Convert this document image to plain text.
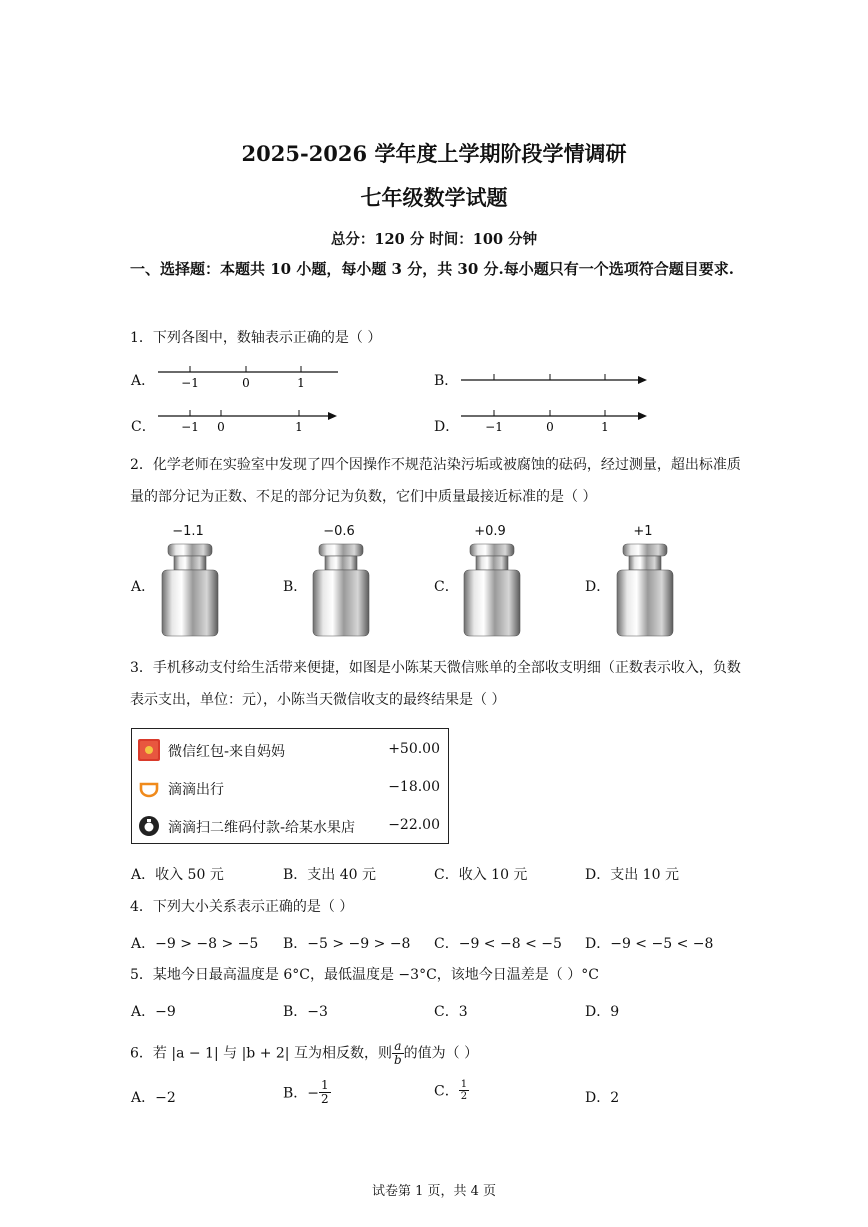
2025-2026 学年度上学期阶段学情调研
七年级数学试题
总分：120 分 时间：100 分钟
一、选择题：本题共 10 小题，每小题 3 分，共 30 分.每小题只有一个选项符合题目要求.
1．下列各图中，数轴表示正确的是（ ）
A． −1	0	1	B．
C． −1 0	1	D． −1	0	1
2．化学老师在实验室中发现了四个因操作不规范沾染污垢或被腐蚀的砝码，经过测量，超出标准质量的部分记为正数、不足的部分记为负数，它们中质量最接近标准的是（ ）
A．
−1.1
B．
−0.6
C．
+0.9
D．
+1
3．手机移动支付给生活带来便捷，如图是小陈某天微信账单的全部收支明细（正数表示收入，负数表示支出，单位：元），小陈当天微信收支的最终结果是（ ）
微信红包-来自妈妈	+50.00
滴滴出行	−18.00
滴滴扫二维码付款-给某水果店 −22.00
A．收入 50 元	B．支出 40 元	C．收入 10 元	D．支出 10 元
4．下列大小关系表示正确的是（ ）
A．−9 > −8 > −5 B．−5 > −9 > −8 C．−9 < −8 < −5 D．−9 < −5 < −8
5．某地今日最高温度是 6°C，最低温度是 −3°C，该地今日温差是（ ）°C
A．−9	B．−3	C．3	D．9
6．若 |a − 1| 与 |b + 2| 互为相反数，则 $\frac{a}{b}$ 的值为（ ）
A．−2	B．− $\frac{1}{2}$	C． $\frac{1}{2}$	D．2
试卷第 1 页，共 4 页
